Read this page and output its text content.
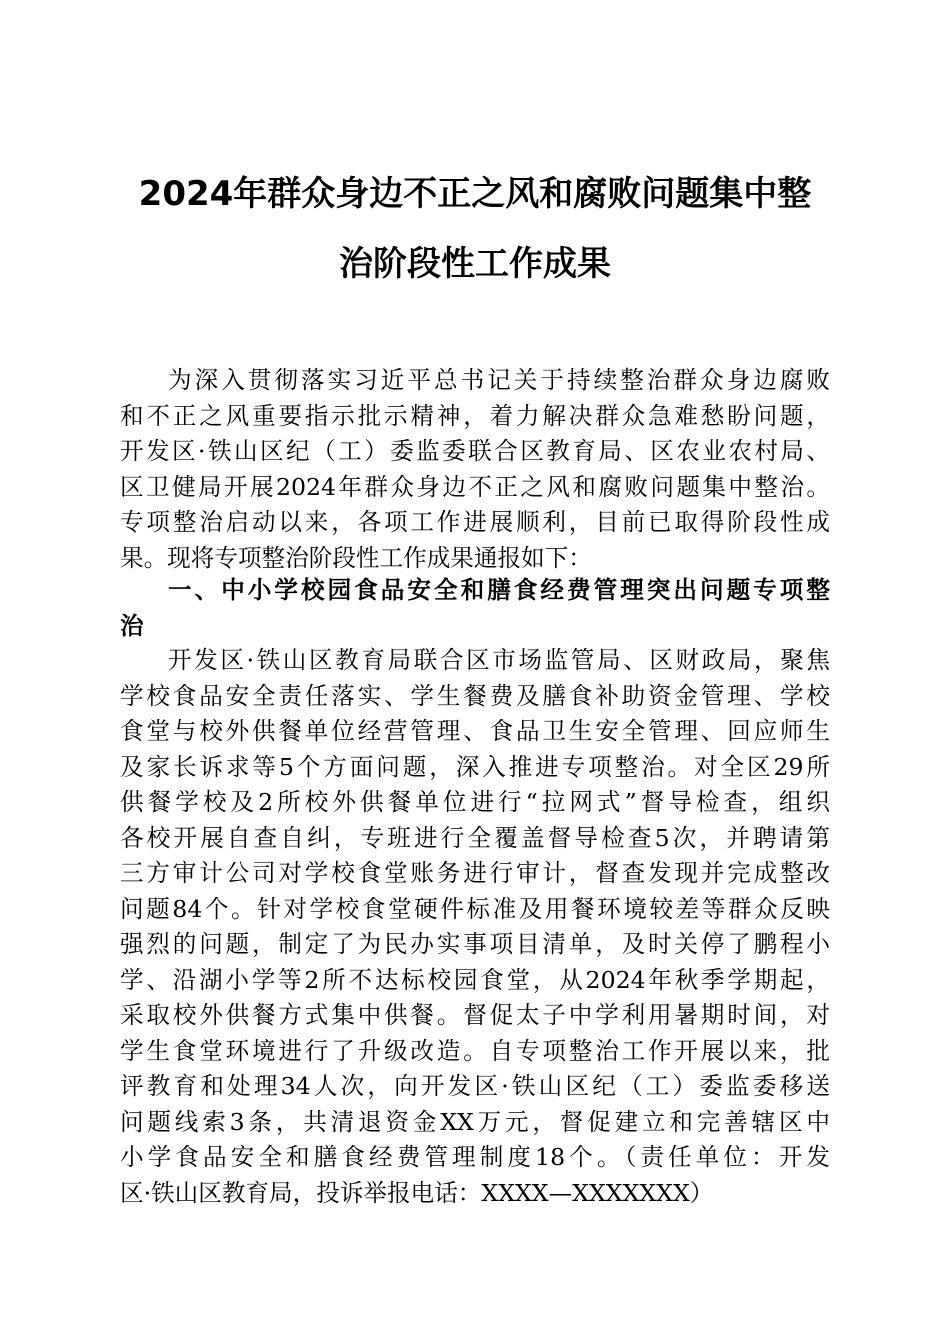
2024年群众身边不正之风和腐败问题集中整
治阶段性工作成果
为深入贯彻落实习近平总书记关于持续整治群众身边腐败
和不正之风重要指示批示精神，着力解决群众急难愁盼问题，
开发区·铁山区纪（工）委监委联合区教育局、区农业农村局、
区卫健局开展2024年群众身边不正之风和腐败问题集中整治。
专项整治启动以来，各项工作进展顺利，目前已取得阶段性成
果。现将专项整治阶段性工作成果通报如下：
一、中小学校园食品安全和膳食经费管理突出问题专项整
治
开发区·铁山区教育局联合区市场监管局、区财政局，聚焦
学校食品安全责任落实、学生餐费及膳食补助资金管理、学校
食堂与校外供餐单位经营管理、食品卫生安全管理、回应师生
及家长诉求等5个方面问题，深入推进专项整治。对全区29所
供餐学校及2所校外供餐单位进行“拉网式”督导检查，组织
各校开展自查自纠，专班进行全覆盖督导检查5次，并聘请第
三方审计公司对学校食堂账务进行审计，督查发现并完成整改
问题84个。针对学校食堂硬件标准及用餐环境较差等群众反映
强烈的问题，制定了为民办实事项目清单，及时关停了鹏程小
学、沿湖小学等2所不达标校园食堂，从2024年秋季学期起，
采取校外供餐方式集中供餐。督促太子中学利用暑期时间，对
学生食堂环境进行了升级改造。自专项整治工作开展以来，批
评教育和处理34人次，向开发区·铁山区纪（工）委监委移送
问题线索3条，共清退资金XX万元，督促建立和完善辖区中
小学食品安全和膳食经费管理制度18个。（责任单位：开发
区·铁山区教育局，投诉举报电话：XXXX—XXXXXXX）
